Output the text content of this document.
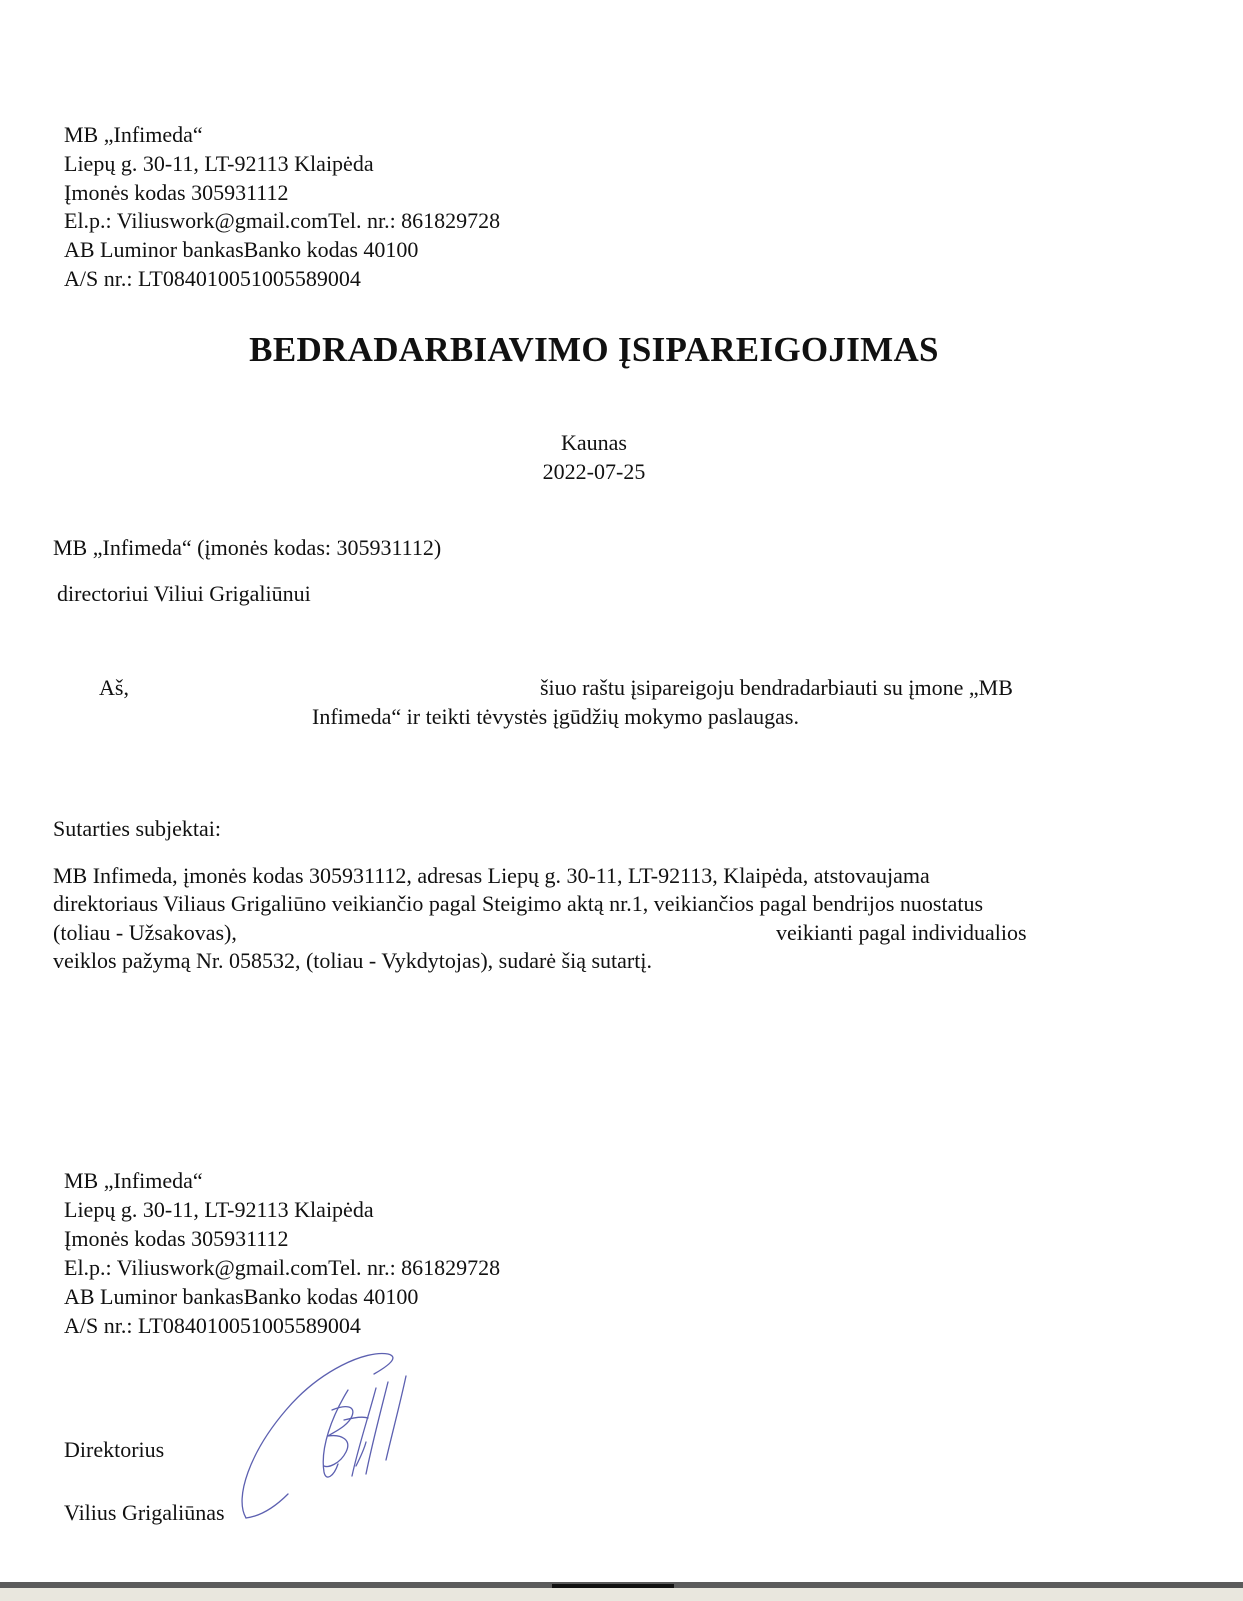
MB „Infimeda“
Liepų g. 30-11, LT-92113 Klaipėda
Įmonės kodas 305931112
El.p.: Viliuswork@gmail.comTel. nr.: 861829728
AB Luminor bankasBanko kodas 40100
A/S nr.: LT084010051005589004
BEDRADARBIAVIMO ĮSIPAREIGOJIMAS
Kaunas
2022-07-25
MB „Infimeda“ (įmonės kodas: 305931112)
directoriui Viliui Grigaliūnui
Aš,	šiuo raštu įsipareigoju bendradarbiauti su įmone „MB
Infimeda“ ir teikti tėvystės įgūdžių mokymo paslaugas.
Sutarties subjektai:
MB Infimeda, įmonės kodas 305931112, adresas Liepų g. 30-11, LT-92113, Klaipėda, atstovaujama
direktoriaus Viliaus Grigaliūno veikiančio pagal Steigimo aktą nr.1, veikiančios pagal bendrijos nuostatus
(toliau - Užsakovas),	veikianti pagal individualios
veiklos pažymą Nr. 058532, (toliau - Vykdytojas), sudarė šią sutartį.
MB „Infimeda“
Liepų g. 30-11, LT-92113 Klaipėda
Įmonės kodas 305931112
El.p.: Viliuswork@gmail.comTel. nr.: 861829728
AB Luminor bankasBanko kodas 40100
A/S nr.: LT084010051005589004
Direktorius
Vilius Grigaliūnas
